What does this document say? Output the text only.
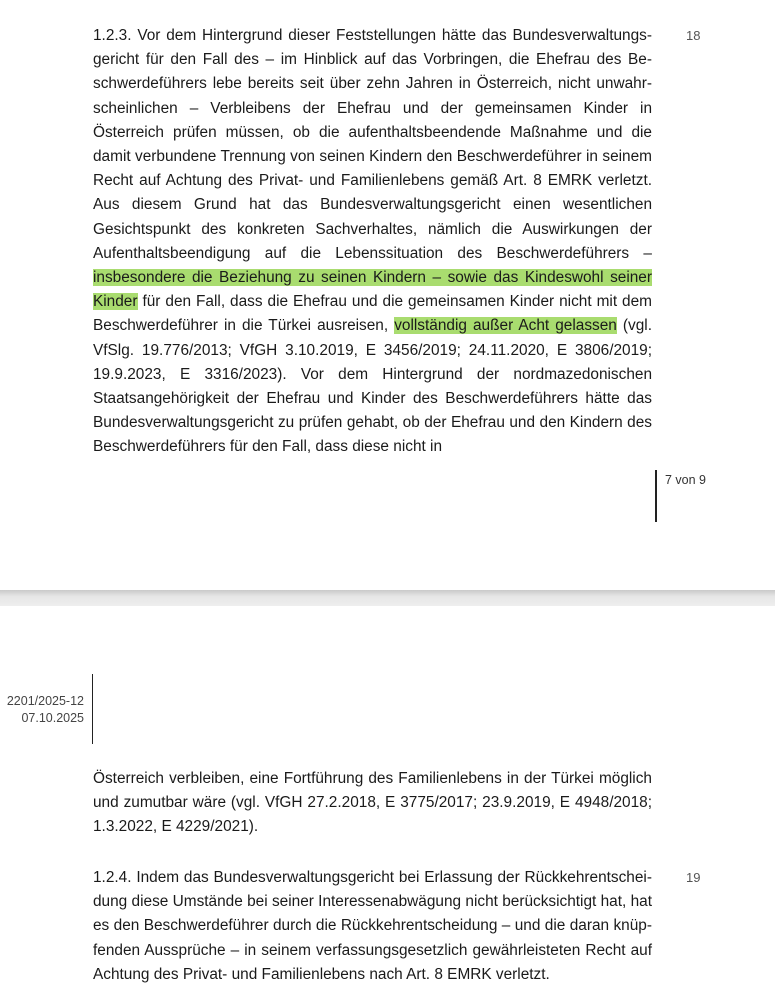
1.2.3. Vor dem Hintergrund dieser Feststellungen hätte das Bundesverwaltungsgericht für den Fall des – im Hinblick auf das Vorbringen, die Ehefrau des Beschwerdeführers lebe bereits seit über zehn Jahren in Österreich, nicht unwahrscheinlichen – Verbleibens der Ehefrau und der gemeinsamen Kinder in Österreich prüfen müssen, ob die aufenthaltsbeendende Maßnahme und die damit verbundene Trennung von seinen Kindern den Beschwerdeführer in seinem Recht auf Achtung des Privat- und Familienlebens gemäß Art. 8 EMRK verletzt. Aus diesem Grund hat das Bundesverwaltungsgericht einen wesentlichen Gesichtspunkt des konkreten Sachverhaltes, nämlich die Auswirkungen der Aufenthaltsbeendigung auf die Lebenssituation des Beschwerdeführers – insbesondere die Beziehung zu seinen Kindern – sowie das Kindeswohl seiner Kinder für den Fall, dass die Ehefrau und die gemeinsamen Kinder nicht mit dem Beschwerdeführer in die Türkei ausreisen, vollständig außer Acht gelassen (vgl. VfSlg. 19.776/2013; VfGH 3.10.2019, E 3456/2019; 24.11.2020, E 3806/2019; 19.9.2023, E 3316/2023). Vor dem Hintergrund der nordmazedonischen Staatsangehörigkeit der Ehefrau und Kinder des Beschwerdeführers hätte das Bundesverwaltungsgericht zu prüfen gehabt, ob der Ehefrau und den Kindern des Beschwerdeführers für den Fall, dass diese nicht in

18
7 von 9
2201/2025-12
07.10.2025

Österreich verbleiben, eine Fortführung des Familienlebens in der Türkei möglich und zumutbar wäre (vgl. VfGH 27.2.2018, E 3775/2017; 23.9.2019, E 4948/2018; 1.3.2022, E 4229/2021).

19

1.2.4. Indem das Bundesverwaltungsgericht bei Erlassung der Rückkehrentscheidung diese Umstände bei seiner Interessenabwägung nicht berücksichtigt hat, hat es den Beschwerdeführer durch die Rückkehrentscheidung – und die daran knüpfenden Aussprüche – in seinem verfassungsgesetzlich gewährleisteten Recht auf Achtung des Privat- und Familienlebens nach Art. 8 EMRK verletzt.
